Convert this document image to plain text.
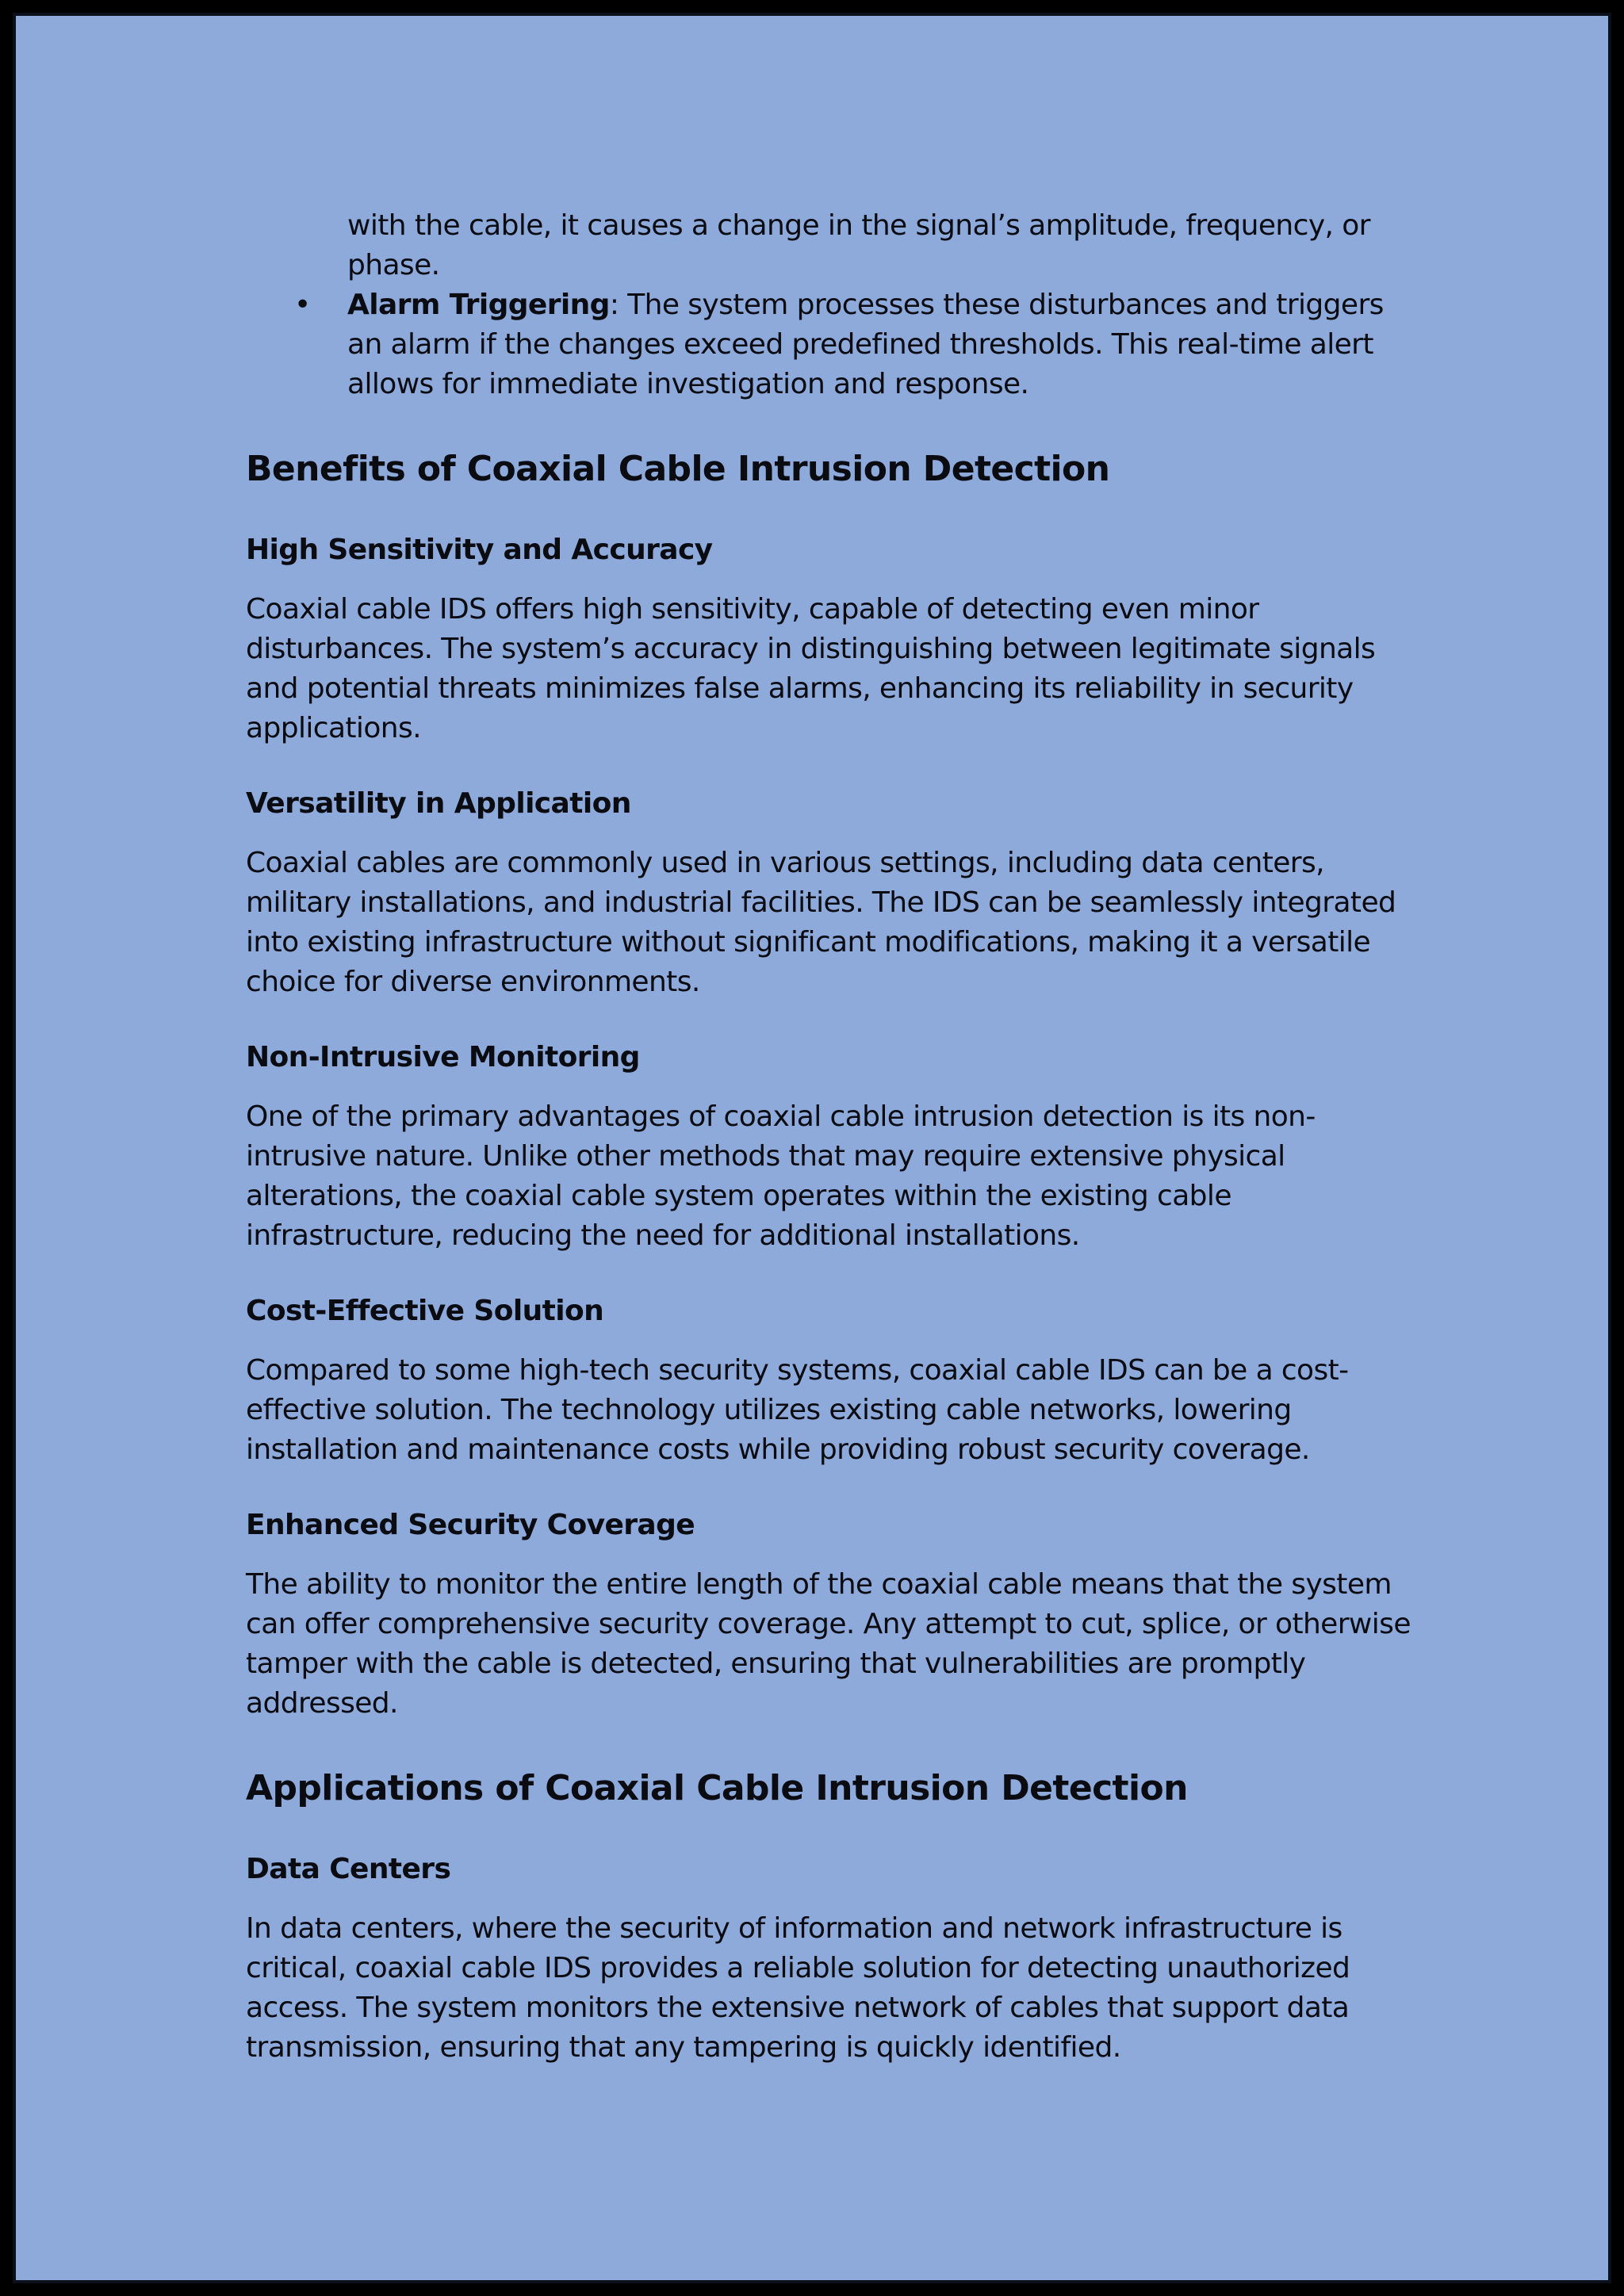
with the cable, it causes a change in the signal’s amplitude, frequency, or phase.
• Alarm Triggering: The system processes these disturbances and triggers an alarm if the changes exceed predefined thresholds. This real-time alert allows for immediate investigation and response.
Benefits of Coaxial Cable Intrusion Detection
High Sensitivity and Accuracy

Coaxial cable IDS offers high sensitivity, capable of detecting even minor disturbances. The system’s accuracy in distinguishing between legitimate signals and potential threats minimizes false alarms, enhancing its reliability in security applications.

Versatility in Application

Coaxial cables are commonly used in various settings, including data centers, military installations, and industrial facilities. The IDS can be seamlessly integrated into existing infrastructure without significant modifications, making it a versatile choice for diverse environments.

Non-Intrusive Monitoring

One of the primary advantages of coaxial cable intrusion detection is its non-intrusive nature. Unlike other methods that may require extensive physical alterations, the coaxial cable system operates within the existing cable infrastructure, reducing the need for additional installations.

Cost-Effective Solution

Compared to some high-tech security systems, coaxial cable IDS can be a cost-effective solution. The technology utilizes existing cable networks, lowering installation and maintenance costs while providing robust security coverage.

Enhanced Security Coverage

The ability to monitor the entire length of the coaxial cable means that the system can offer comprehensive security coverage. Any attempt to cut, splice, or otherwise tamper with the cable is detected, ensuring that vulnerabilities are promptly addressed.

Applications of Coaxial Cable Intrusion Detection
Data Centers

In data centers, where the security of information and network infrastructure is critical, coaxial cable IDS provides a reliable solution for detecting unauthorized access. The system monitors the extensive network of cables that support data transmission, ensuring that any tampering is quickly identified.
